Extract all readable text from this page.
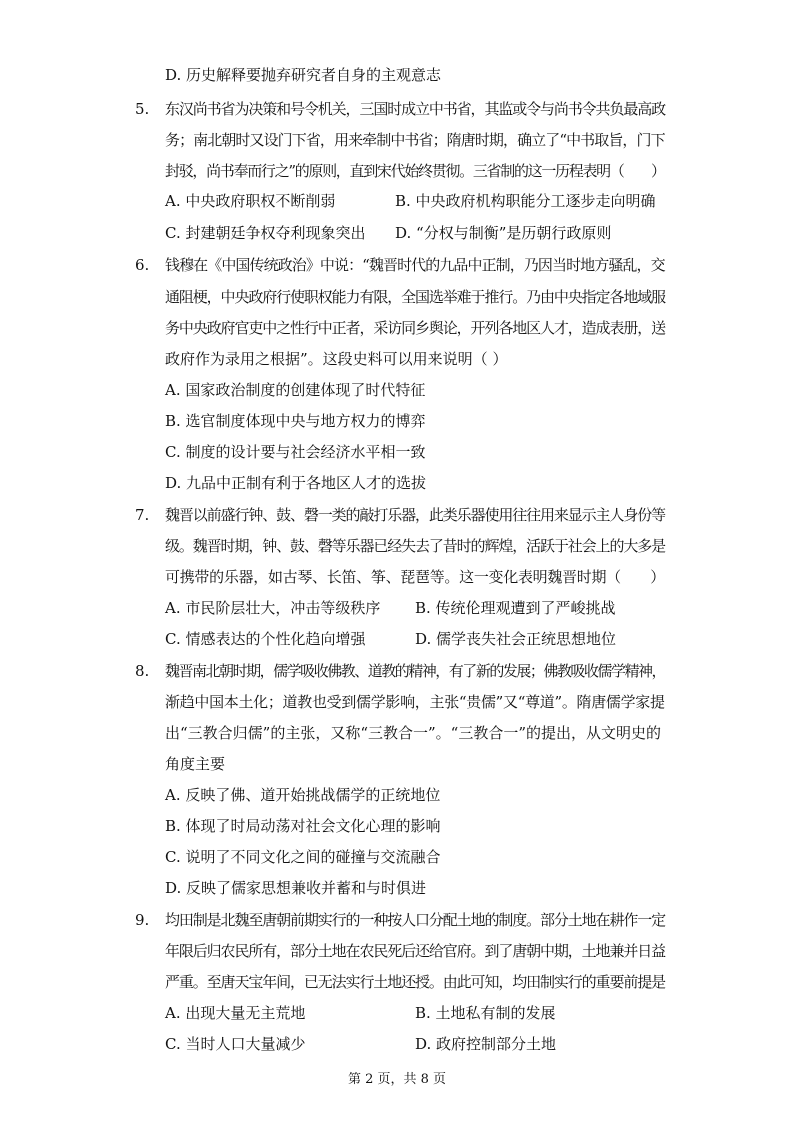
D. 历史解释要抛弃研究者自身的主观意志
5. 东汉尚书省为决策和号令机关，三国时成立中书省，其监或令与尚书令共负最高政
务；南北朝时又设门下省，用来牵制中书省；隋唐时期，确立了“中书取旨，门下
封驳，尚书奉而行之”的原则，直到宋代始终贯彻。三省制的这一历程表明（　　）
A. 中央政府职权不断削弱	B. 中央政府机构职能分工逐步走向明确
C. 封建朝廷争权夺利现象突出 D. “分权与制衡”是历朝行政原则
6. 钱穆在《中国传统政治》中说：“魏晋时代的九品中正制，乃因当时地方骚乱，交
通阻梗，中央政府行使职权能力有限，全国选举难于推行。乃由中央指定各地域服
务中央政府官吏中之性行中正者，采访同乡舆论，开列各地区人才，造成表册，送
政府作为录用之根据”。这段史料可以用来说明（ ）
A. 国家政治制度的创建体现了时代特征
B. 选官制度体现中央与地方权力的博弈
C. 制度的设计要与社会经济水平相一致
D. 九品中正制有利于各地区人才的选拔
7. 魏晋以前盛行钟、鼓、磬一类的敲打乐器，此类乐器使用往往用来显示主人身份等
级。魏晋时期，钟、鼓、磬等乐器已经失去了昔时的辉煌，活跃于社会上的大多是
可携带的乐器，如古琴、长笛、筝、琵琶等。这一变化表明魏晋时期（　　）
A. 市民阶层壮大，冲击等级秩序 B. 传统伦理观遭到了严峻挑战
C. 情感表达的个性化趋向增强	D. 儒学丧失社会正统思想地位
8. 魏晋南北朝时期，儒学吸收佛教、道教的精神，有了新的发展；佛教吸收儒学精神，
渐趋中国本土化；道教也受到儒学影响，主张“贵儒”又“尊道”。隋唐儒学家提
出“三教合归儒”的主张，又称“三教合一”。“三教合一”的提出，从文明史的
角度主要
A. 反映了佛、道开始挑战儒学的正统地位
B. 体现了时局动荡对社会文化心理的影响
C. 说明了不同文化之间的碰撞与交流融合
D. 反映了儒家思想兼收并蓄和与时俱进
9. 均田制是北魏至唐朝前期实行的一种按人口分配土地的制度。部分土地在耕作一定
年限后归农民所有，部分土地在农民死后还给官府。到了唐朝中期，土地兼并日益
严重。至唐天宝年间，已无法实行土地还授。由此可知，均田制实行的重要前提是
A. 出现大量无主荒地	B. 土地私有制的发展
C. 当时人口大量减少	D. 政府控制部分土地
第 2 页，共 8 页
